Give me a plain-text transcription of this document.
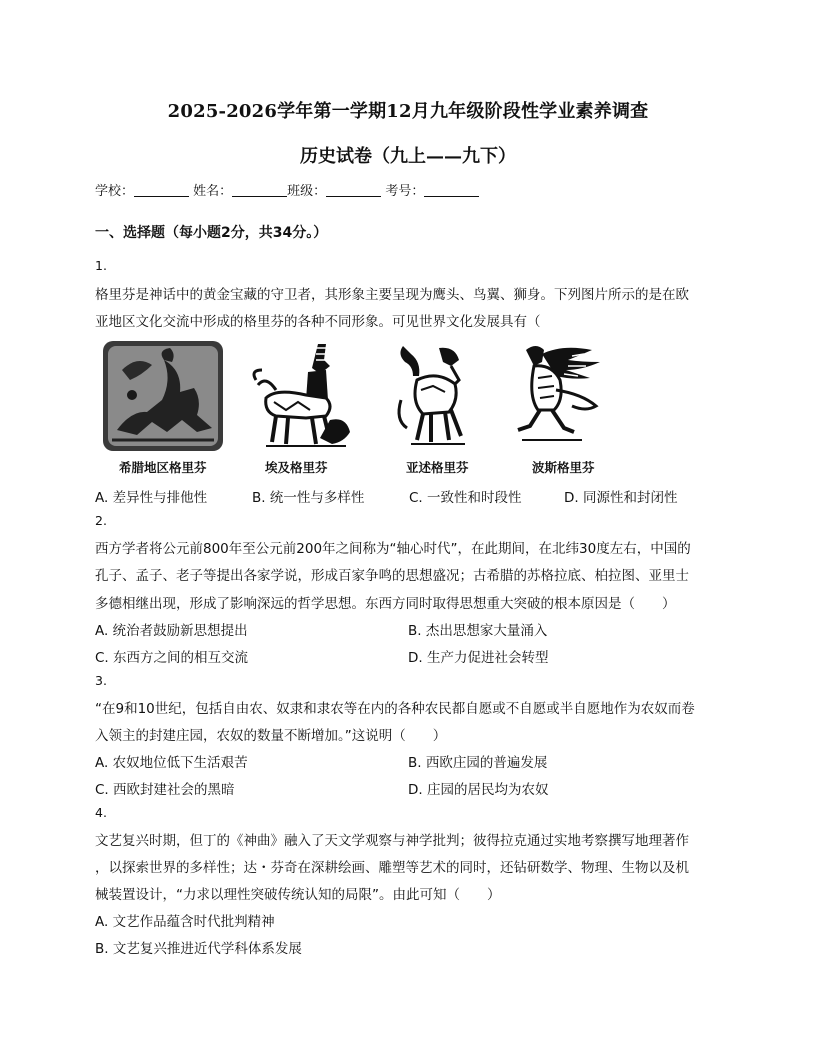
2025-2026学年第一学期12月九年级阶段性学业素养调查
历史试卷（九上——九下）
学校：	姓名：	班级：	考号：
一、选择题（每小题2分，共34分。）
1.
格里芬是神话中的黄金宝藏的守卫者，其形象主要呈现为鹰头、鸟翼、狮身。下列图片所示的是在欧
亚地区文化交流中形成的格里芬的各种不同形象。可见世界文化发展具有（
希腊地区格里芬	埃及格里芬	亚述格里芬	波斯格里芬
A. 差异性与排他性	B. 统一性与多样性	C. 一致性和时段性	D. 同源性和封闭性
2.
西方学者将公元前800年至公元前200年之间称为“轴心时代”，在此期间，在北纬30度左右，中国的
孔子、孟子、老子等提出各家学说，形成百家争鸣的思想盛况；古希腊的苏格拉底、柏拉图、亚里士
多德相继出现，形成了影响深远的哲学思想。东西方同时取得思想重大突破的根本原因是（　　）
A. 统治者鼓励新思想提出	B. 杰出思想家大量涌入
C. 东西方之间的相互交流	D. 生产力促进社会转型
3.
“在9和10世纪，包括自由农、奴隶和隶农等在内的各种农民都自愿或不自愿或半自愿地作为农奴而卷
入领主的封建庄园，农奴的数量不断增加。”这说明（　　）
A. 农奴地位低下生活艰苦	B. 西欧庄园的普遍发展
C. 西欧封建社会的黑暗	D. 庄园的居民均为农奴
4.
文艺复兴时期，但丁的《神曲》融入了天文学观察与神学批判；彼得拉克通过实地考察撰写地理著作
，以探索世界的多样性；达・芬奇在深耕绘画、雕塑等艺术的同时，还钻研数学、物理、生物以及机
械装置设计，“力求以理性突破传统认知的局限”。由此可知（　　）
A. 文艺作品蕴含时代批判精神
B. 文艺复兴推进近代学科体系发展
